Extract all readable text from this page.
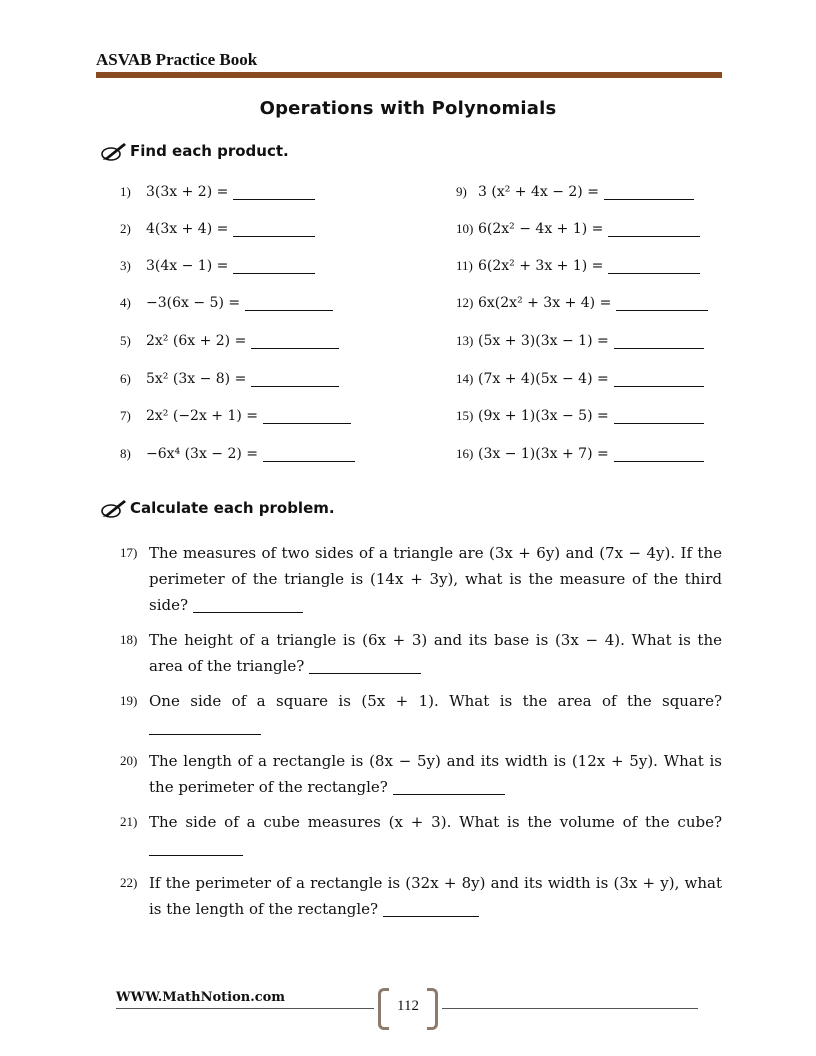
ASVAB Practice Book
Operations with Polynomials
Find each product.
1)	3(3x + 2) =
2)	4(3x + 4) =
3)	3(4x − 1) =
4)	−3(6x − 5) =
5)	2x² (6x + 2) =
6)	5x² (3x − 8) =
7)	2x² (−2x + 1) =
8)	−6x⁴ (3x − 2) =
9) 3 (x² + 4x − 2) =
10) 6(2x² − 4x + 1) =
11) 6(2x² + 3x + 1) =
12) 6x(2x² + 3x + 4) =
13) (5x + 3)(3x − 1) =
14) (7x + 4)(5x − 4) =
15) (9x + 1)(3x − 5) =
16) (3x − 1)(3x + 7) =
Calculate each problem.
17) The measures of two sides of a triangle are (3x + 6y) and (7x − 4y). If the perimeter of the triangle is (14x + 3y), what is the measure of the third side?
18) The height of a triangle is (6x + 3) and its base is (3x − 4). What is the area of the triangle?
19) One side of a square is (5x + 1). What is the area of the square?
20) The length of a rectangle is (8x − 5y) and its width is (12x + 5y). What is the perimeter of the rectangle?
21) The side of a cube measures (x + 3). What is the volume of the cube?
22) If the perimeter of a rectangle is (32x + 8y) and its width is (3x + y), what is the length of the rectangle?
WWW.MathNotion.com
112
